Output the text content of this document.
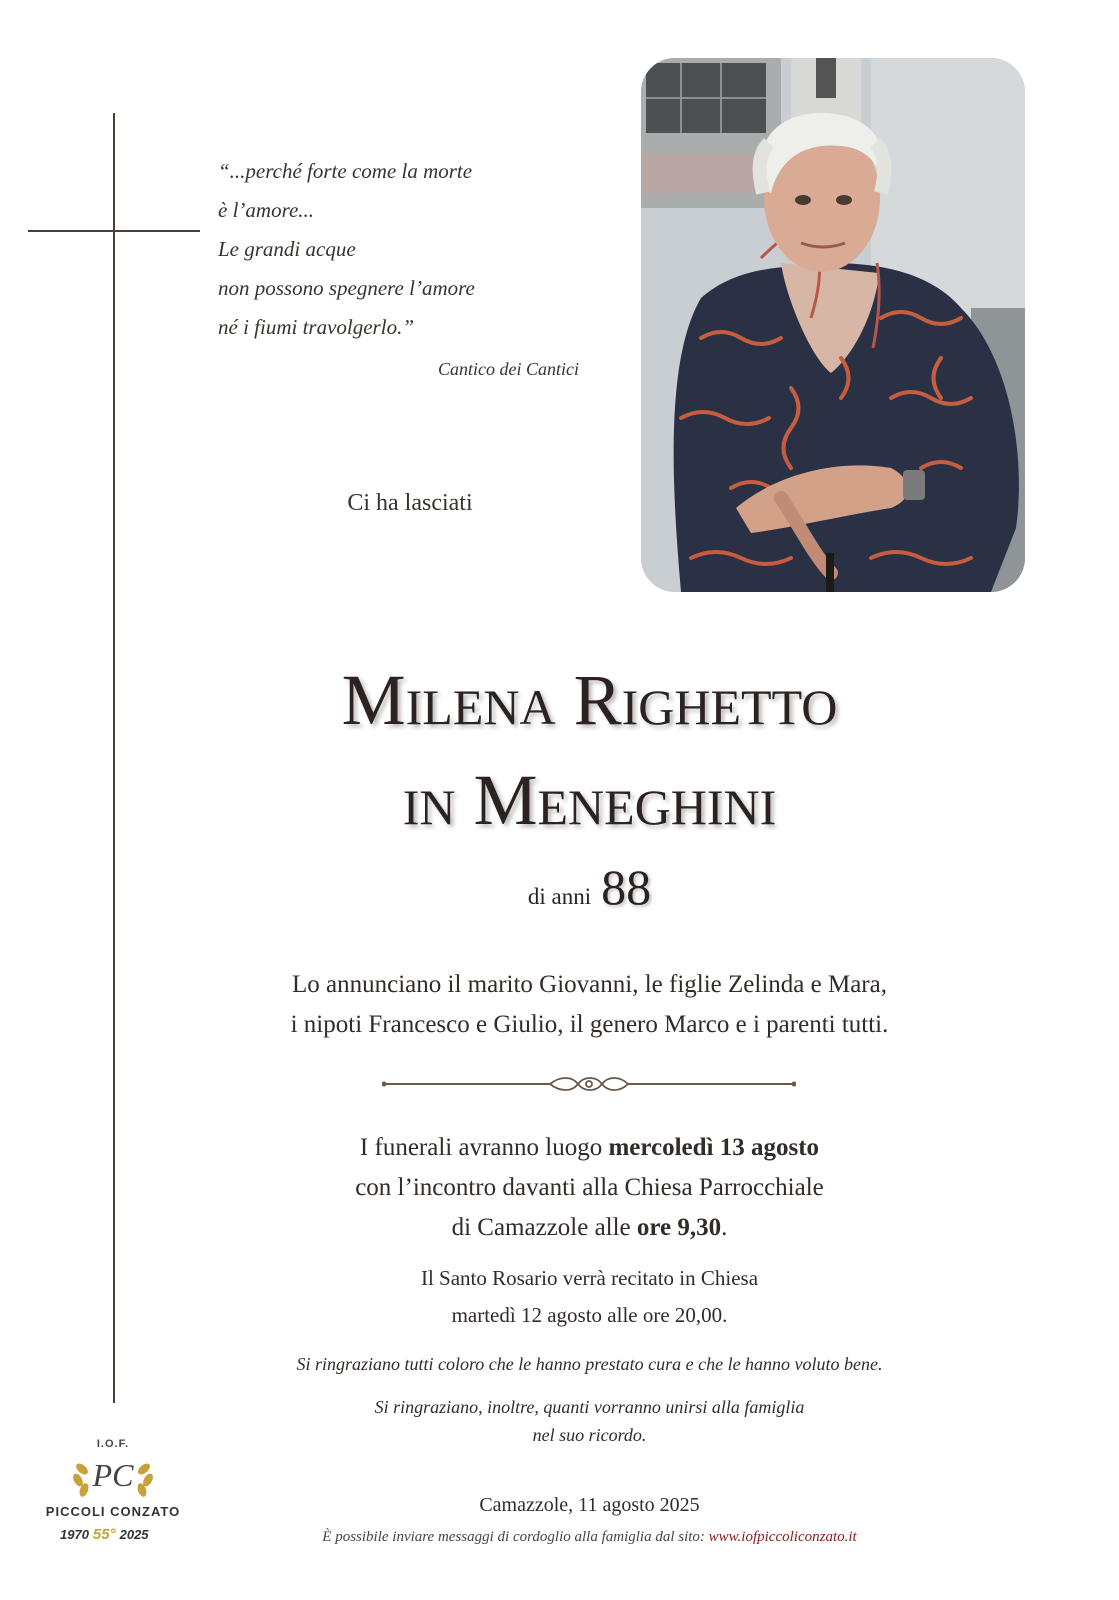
“...perché forte come la morte
è l’amore...
Le grandi acque
non possono spegnere l’amore
né i fiumi travolgerlo.”
Cantico dei Cantici
Ci ha lasciati
Milena Righetto
in Meneghini
di anni 88
Lo annunciano il marito Giovanni, le figlie Zelinda e Mara,
i nipoti Francesco e Giulio, il genero Marco e i parenti tutti.
I funerali avranno luogo mercoledì 13 agosto
con l’incontro davanti alla Chiesa Parrocchiale
di Camazzole alle ore 9,30.
Il Santo Rosario verrà recitato in Chiesa
martedì 12 agosto alle ore 20,00.
Si ringraziano tutti coloro che le hanno prestato cura e che le hanno voluto bene.
Si ringraziano, inoltre, quanti vorranno unirsi alla famiglia
nel suo ricordo.
Camazzole, 11 agosto 2025
È possibile inviare messaggi di cordoglio alla famiglia dal sito: www.iofpiccoliconzato.it
I.O.F.
PC
PICCOLI CONZATO
1970 55° 2025
